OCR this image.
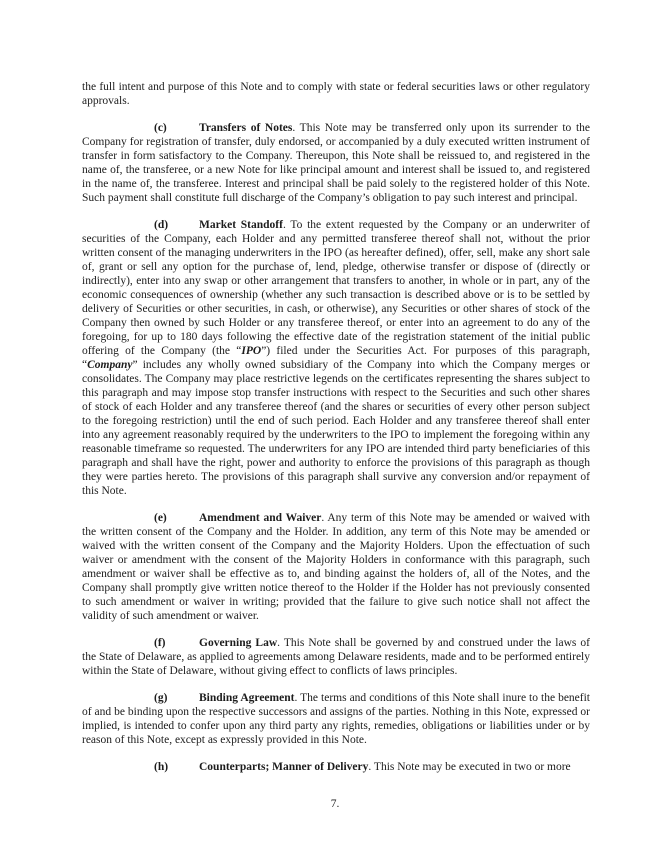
the full intent and purpose of this Note and to comply with state or federal securities laws or other regulatory approvals.

(c)	Transfers of Notes. This Note may be transferred only upon its surrender to the Company for registration of transfer, duly endorsed, or accompanied by a duly executed written instrument of transfer in form satisfactory to the Company. Thereupon, this Note shall be reissued to, and registered in the name of, the transferee, or a new Note for like principal amount and interest shall be issued to, and registered in the name of, the transferee. Interest and principal shall be paid solely to the registered holder of this Note. Such payment shall constitute full discharge of the Company’s obligation to pay such interest and principal.

(d)	Market Standoff. To the extent requested by the Company or an underwriter of securities of the Company, each Holder and any permitted transferee thereof shall not, without the prior written consent of the managing underwriters in the IPO (as hereafter defined), offer, sell, make any short sale of, grant or sell any option for the purchase of, lend, pledge, otherwise transfer or dispose of (directly or indirectly), enter into any swap or other arrangement that transfers to another, in whole or in part, any of the economic consequences of ownership (whether any such transaction is described above or is to be settled by delivery of Securities or other securities, in cash, or otherwise), any Securities or other shares of stock of the Company then owned by such Holder or any transferee thereof, or enter into an agreement to do any of the foregoing, for up to 180 days following the effective date of the registration statement of the initial public offering of the Company (the “IPO”) filed under the Securities Act. For purposes of this paragraph, “Company” includes any wholly owned subsidiary of the Company into which the Company merges or consolidates. The Company may place restrictive legends on the certificates representing the shares subject to this paragraph and may impose stop transfer instructions with respect to the Securities and such other shares of stock of each Holder and any transferee thereof (and the shares or securities of every other person subject to the foregoing restriction) until the end of such period. Each Holder and any transferee thereof shall enter into any agreement reasonably required by the underwriters to the IPO to implement the foregoing within any reasonable timeframe so requested. The underwriters for any IPO are intended third party beneficiaries of this paragraph and shall have the right, power and authority to enforce the provisions of this paragraph as though they were parties hereto. The provisions of this paragraph shall survive any conversion and/or repayment of this Note.

(e)	Amendment and Waiver. Any term of this Note may be amended or waived with the written consent of the Company and the Holder. In addition, any term of this Note may be amended or waived with the written consent of the Company and the Majority Holders. Upon the effectuation of such waiver or amendment with the consent of the Majority Holders in conformance with this paragraph, such amendment or waiver shall be effective as to, and binding against the holders of, all of the Notes, and the Company shall promptly give written notice thereof to the Holder if the Holder has not previously consented to such amendment or waiver in writing; provided that the failure to give such notice shall not affect the validity of such amendment or waiver.

(f)	Governing Law. This Note shall be governed by and construed under the laws of the State of Delaware, as applied to agreements among Delaware residents, made and to be performed entirely within the State of Delaware, without giving effect to conflicts of laws principles.

(g)	Binding Agreement. The terms and conditions of this Note shall inure to the benefit of and be binding upon the respective successors and assigns of the parties. Nothing in this Note, expressed or implied, is intended to confer upon any third party any rights, remedies, obligations or liabilities under or by reason of this Note, except as expressly provided in this Note.

(h)	Counterparts; Manner of Delivery. This Note may be executed in two or more

7.
